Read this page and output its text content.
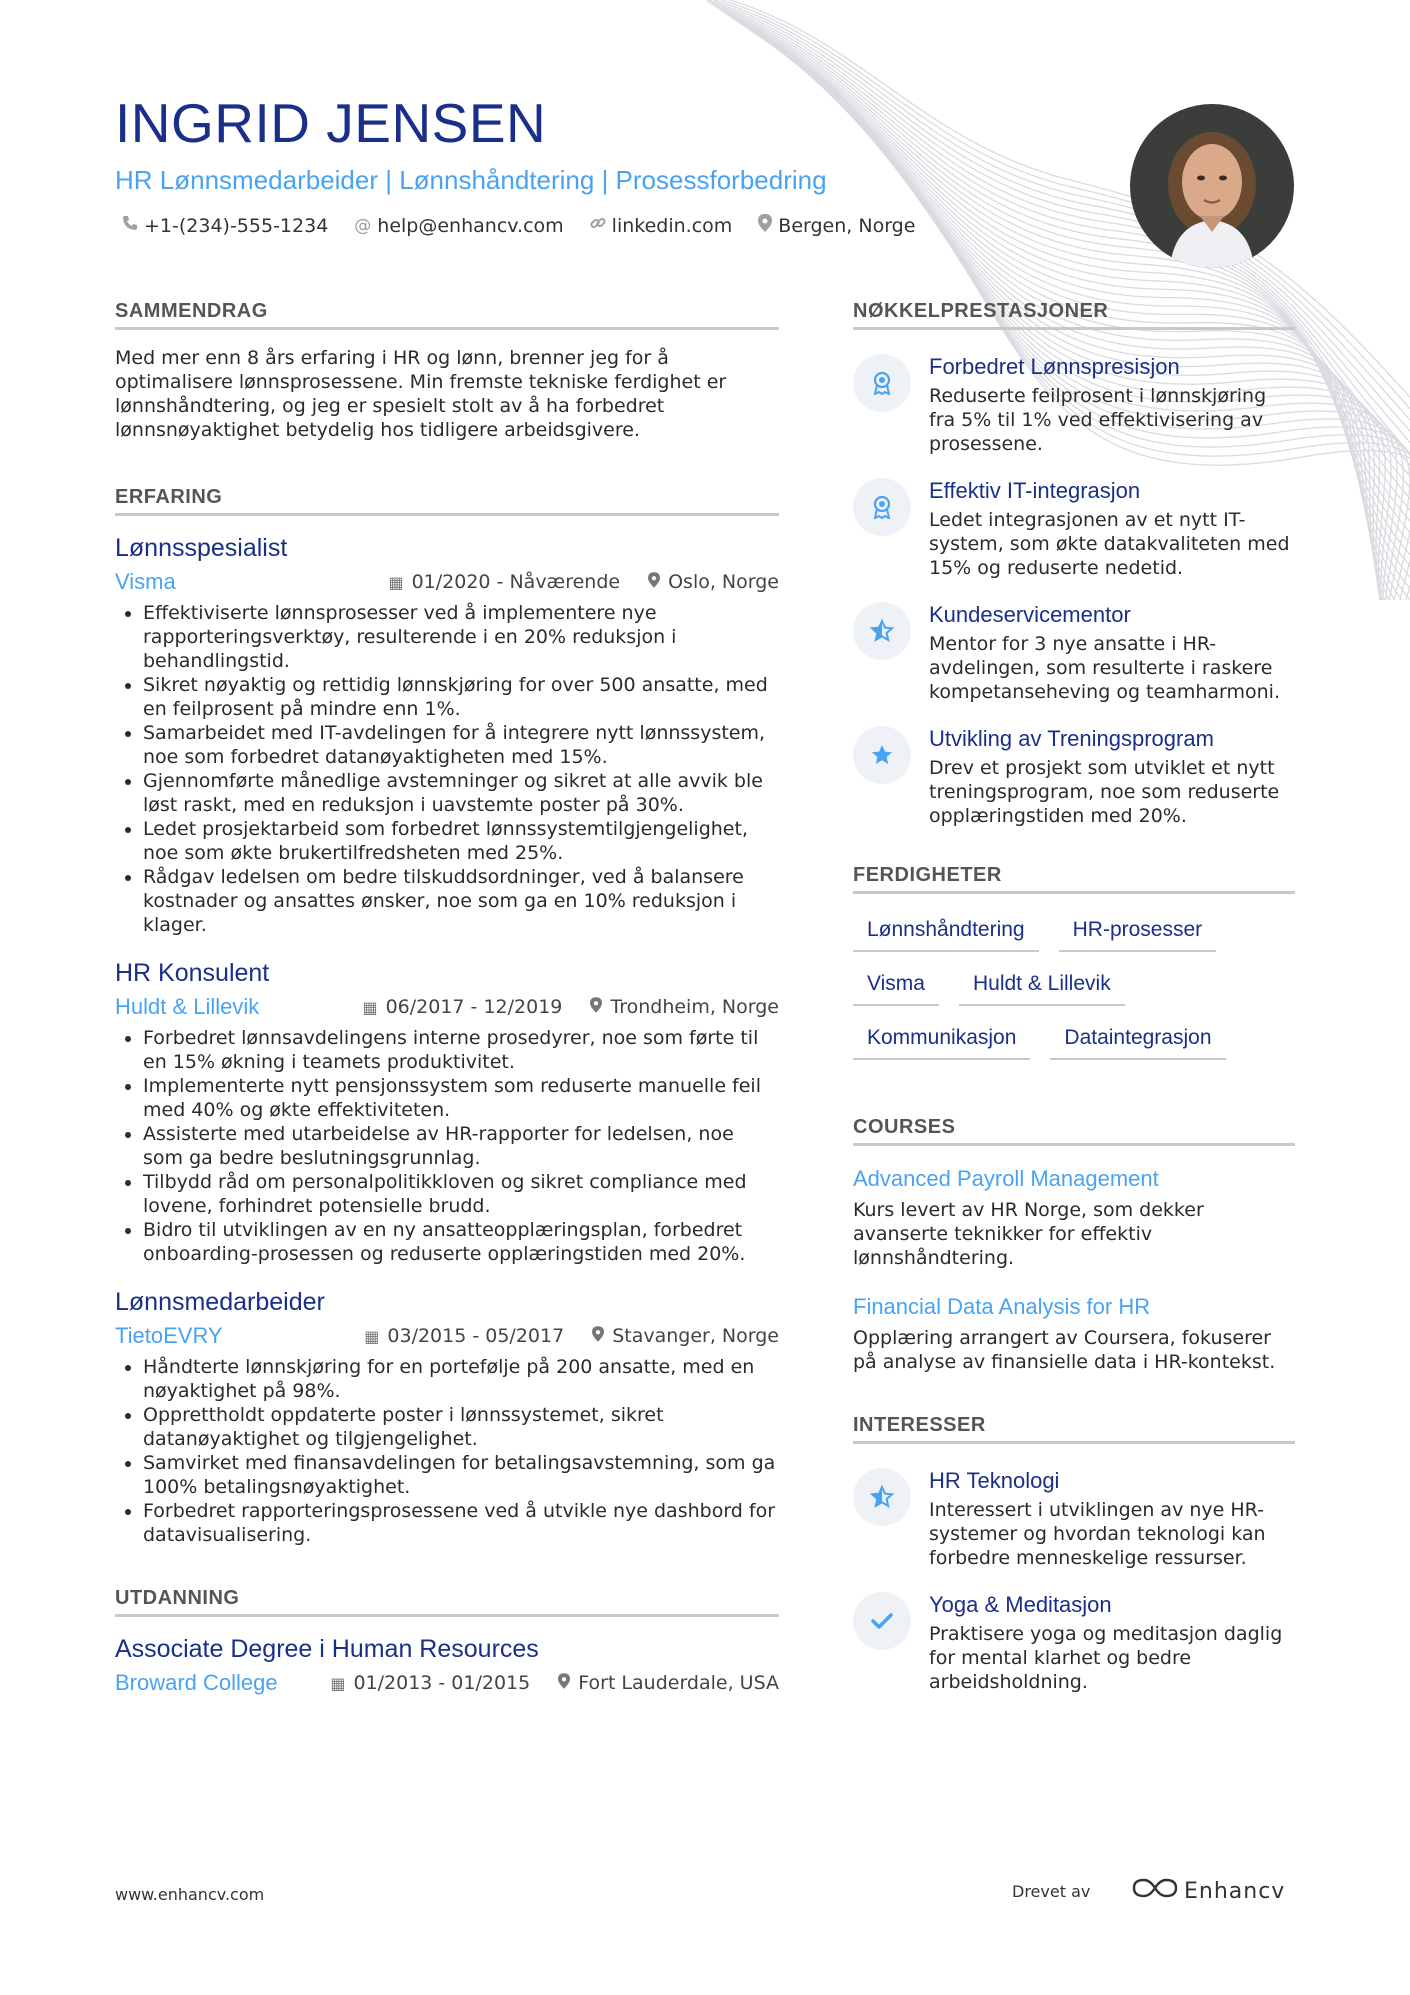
INGRID JENSEN
HR Lønnsmedarbeider | Lønnshåndtering | Prosessforbedring
+1-(234)-555-1234 @ help@enhancv.com	linkedin.com Bergen, Norge
SAMMENDRAG

Med mer enn 8 års erfaring i HR og lønn, brenner jeg for å optimalisere lønnsprosessene. Min fremste tekniske ferdighet er lønnshåndtering, og jeg er spesielt stolt av å ha forbedret lønnsnøyaktighet betydelig hos tidligere arbeidsgivere.

ERFARING
Lønnsspesialist
Visma	▦ 01/2020 - Nåværende	Oslo, Norge
• Effektiviserte lønnsprosesser ved å implementere nye rapporteringsverktøy, resulterende i en 20% reduksjon i behandlingstid.
• Sikret nøyaktig og rettidig lønnskjøring for over 500 ansatte, med en feilprosent på mindre enn 1%.
• Samarbeidet med IT-avdelingen for å integrere nytt lønnssystem, noe som forbedret datanøyaktigheten med 15%.
• Gjennomførte månedlige avstemninger og sikret at alle avvik ble løst raskt, med en reduksjon i uavstemte poster på 30%.
• Ledet prosjektarbeid som forbedret lønnssystemtilgjengelighet, noe som økte brukertilfredsheten med 25%.
• Rådgav ledelsen om bedre tilskuddsordninger, ved å balansere kostnader og ansattes ønsker, noe som ga en 10% reduksjon i klager.
HR Konsulent
Huldt & Lillevik	▦ 06/2017 - 12/2019	Trondheim, Norge
• Forbedret lønnsavdelingens interne prosedyrer, noe som førte til en 15% økning i teamets produktivitet.
• Implementerte nytt pensjonssystem som reduserte manuelle feil med 40% og økte effektiviteten.
• Assisterte med utarbeidelse av HR-rapporter for ledelsen, noe som ga bedre beslutningsgrunnlag.
• Tilbydd råd om personalpolitikkloven og sikret compliance med lovene, forhindret potensielle brudd.
• Bidro til utviklingen av en ny ansatteopplæringsplan, forbedret onboarding-prosessen og reduserte opplæringstiden med 20%.
Lønnsmedarbeider
TietoEVRY	▦ 03/2015 - 05/2017	Stavanger, Norge
• Håndterte lønnskjøring for en portefølje på 200 ansatte, med en nøyaktighet på 98%.
• Opprettholdt oppdaterte poster i lønnssystemet, sikret datanøyaktighet og tilgjengelighet.
• Samvirket med finansavdelingen for betalingsavstemning, som ga 100% betalingsnøyaktighet.
• Forbedret rapporteringsprosessene ved å utvikle nye dashbord for datavisualisering.
UTDANNING
Associate Degree i Human Resources
Broward College	▦ 01/2013 - 01/2015	Fort Lauderdale, USA
NØKKELPRESTASJONER
Forbedret Lønnspresisjon

Reduserte feilprosent i lønnskjøring fra 5% til 1% ved effektivisering av prosessene.

Effektiv IT-integrasjon

Ledet integrasjonen av et nytt IT-system, som økte datakvaliteten med 15% og reduserte nedetid.

Kundeservicementor

Mentor for 3 nye ansatte i HR-avdelingen, som resulterte i raskere kompetanseheving og teamharmoni.

Utvikling av Treningsprogram

Drev et prosjekt som utviklet et nytt treningsprogram, noe som reduserte opplæringstiden med 20%.

FERDIGHETER
Lønnshåndtering	HR-prosesser
Visma	Huldt & Lillevik
Kommunikasjon	Dataintegrasjon
COURSES
Advanced Payroll Management

Kurs levert av HR Norge, som dekker avanserte teknikker for effektiv lønnshåndtering.

Financial Data Analysis for HR

Opplæring arrangert av Coursera, fokuserer på analyse av finansielle data i HR-kontekst.

INTERESSER
HR Teknologi

Interessert i utviklingen av nye HR-systemer og hvordan teknologi kan forbedre menneskelige ressurser.

Yoga & Meditasjon

Praktisere yoga og meditasjon daglig for mental klarhet og bedre arbeidsholdning.

www.enhancv.com	Drevet av	Enhancv
